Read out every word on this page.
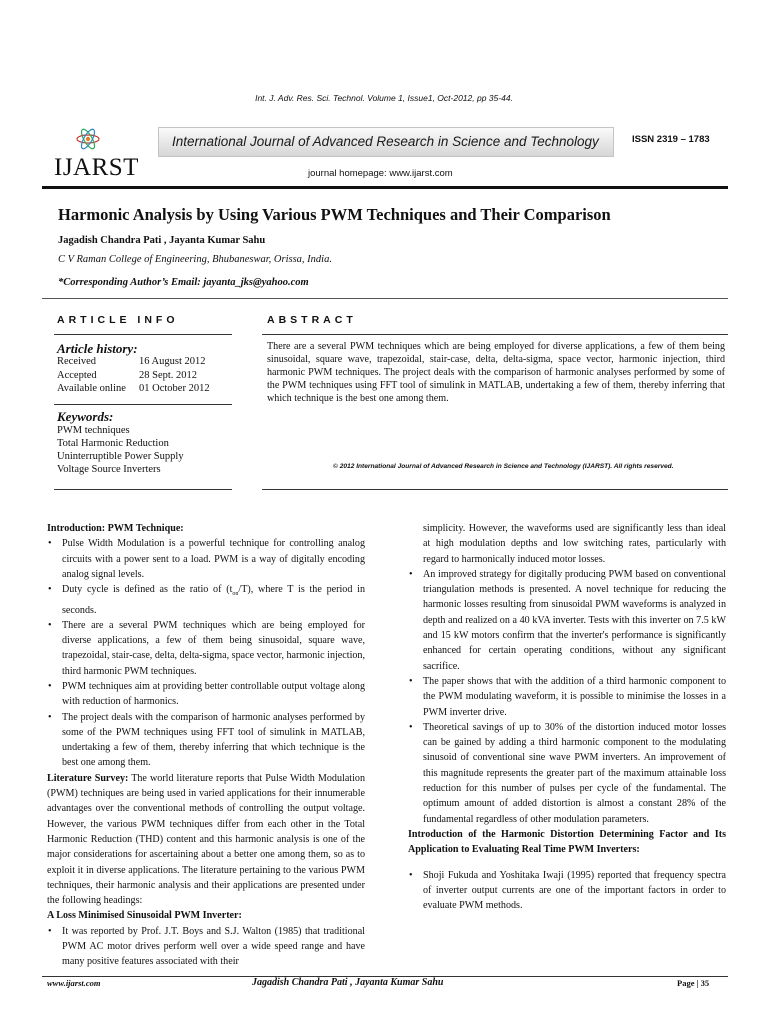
Int. J. Adv. Res. Sci. Technol. Volume 1, Issue1, Oct-2012, pp 35-44.
IJARST
International Journal of Advanced Research in Science and Technology	ISSN 2319 – 1783
journal homepage: www.ijarst.com
Harmonic Analysis by Using Various PWM Techniques and Their Comparison
Jagadish Chandra Pati , Jayanta Kumar Sahu
C V Raman College of Engineering, Bhubaneswar, Orissa, India.
*Corresponding Author’s Email: jayanta_jks@yahoo.com
ARTICLE INFO	ABSTRACT
Article history:
Received	16 August 2012
Accepted	28 Sept. 2012
Available online 01 October 2012
Keywords:
PWM techniques
Total Harmonic Reduction
Uninterruptible Power Supply
Voltage Source Inverters
There are a several PWM techniques which are being employed for diverse applications, a few of them being sinusoidal, square wave, trapezoidal, stair-case, delta, delta-sigma, space vector, harmonic injection, third harmonic PWM techniques. The project deals with the comparison of harmonic analyses performed by some of the PWM techniques using FFT tool of simulink in MATLAB, undertaking a few of them, thereby inferring that which technique is the best one among them.
© 2012 International Journal of Advanced Research in Science and Technology (IJARST). All rights reserved.
Introduction: PWM Technique:
• Pulse Width Modulation is a powerful technique for controlling analog circuits with a power sent to a load. PWM is a way of digitally encoding analog signal levels.
• Duty cycle is defined as the ratio of $(t_{on}/T)$, where T is the period in seconds.
• There are a several PWM techniques which are being employed for diverse applications, a few of them being sinusoidal, square wave, trapezoidal, stair-case, delta, delta-sigma, space vector, harmonic injection, third harmonic PWM techniques.
• PWM techniques aim at providing better controllable output voltage along with reduction of harmonics.
• The project deals with the comparison of harmonic analyses performed by some of the PWM techniques using FFT tool of simulink in MATLAB, undertaking a few of them, thereby inferring that which technique is the best one among them.
Literature Survey: The world literature reports that Pulse Width Modulation (PWM) techniques are being used in varied applications for their innumerable advantages over the conventional methods of controlling the output voltage. However, the various PWM techniques differ from each other in the Total Harmonic Reduction (THD) content and this harmonic analysis is one of the major considerations for ascertaining about a better one among them, so as to exploit it in diverse applications. The literature pertaining to the various PWM techniques, their harmonic analysis and their applications are presented under the following headings:
A Loss Minimised Sinusoidal PWM Inverter:
• It was reported by Prof. J.T. Boys and S.J. Walton (1985) that traditional PWM AC motor drives perform well over a wide speed range and have many positive features associated with their
simplicity. However, the waveforms used are significantly less than ideal at high modulation depths and low switching rates, particularly with regard to harmonically induced motor losses.
• An improved strategy for digitally producing PWM based on conventional triangulation methods is presented. A novel technique for reducing the harmonic losses resulting from sinusoidal PWM waveforms is analyzed in depth and realized on a 40 kVA inverter. Tests with this inverter on 7.5 kW and 15 kW motors confirm that the inverter's performance is significantly enhanced for certain operating conditions, without any significant sacrifice.
• The paper shows that with the addition of a third harmonic component to the PWM modulating waveform, it is possible to minimise the losses in a PWM inverter drive.
• Theoretical savings of up to 30% of the distortion induced motor losses can be gained by adding a third harmonic component to the modulating sinusoid of conventional sine wave PWM inverters. An improvement of this magnitude represents the greater part of the maximum attainable loss reduction for this number of pulses per cycle of the fundamental. The optimum amount of added distortion is almost a constant 28% of the fundamental regardless of other modulation parameters.
Introduction of the Harmonic Distortion Determining Factor and Its Application to Evaluating Real Time PWM Inverters:
• Shoji Fukuda and Yoshitaka Iwaji (1995) reported that frequency spectra of inverter output currents are one of the important factors in order to evaluate PWM methods.
www.ijarst.com	Jagadish Chandra Pati , Jayanta Kumar Sahu	Page | 35
